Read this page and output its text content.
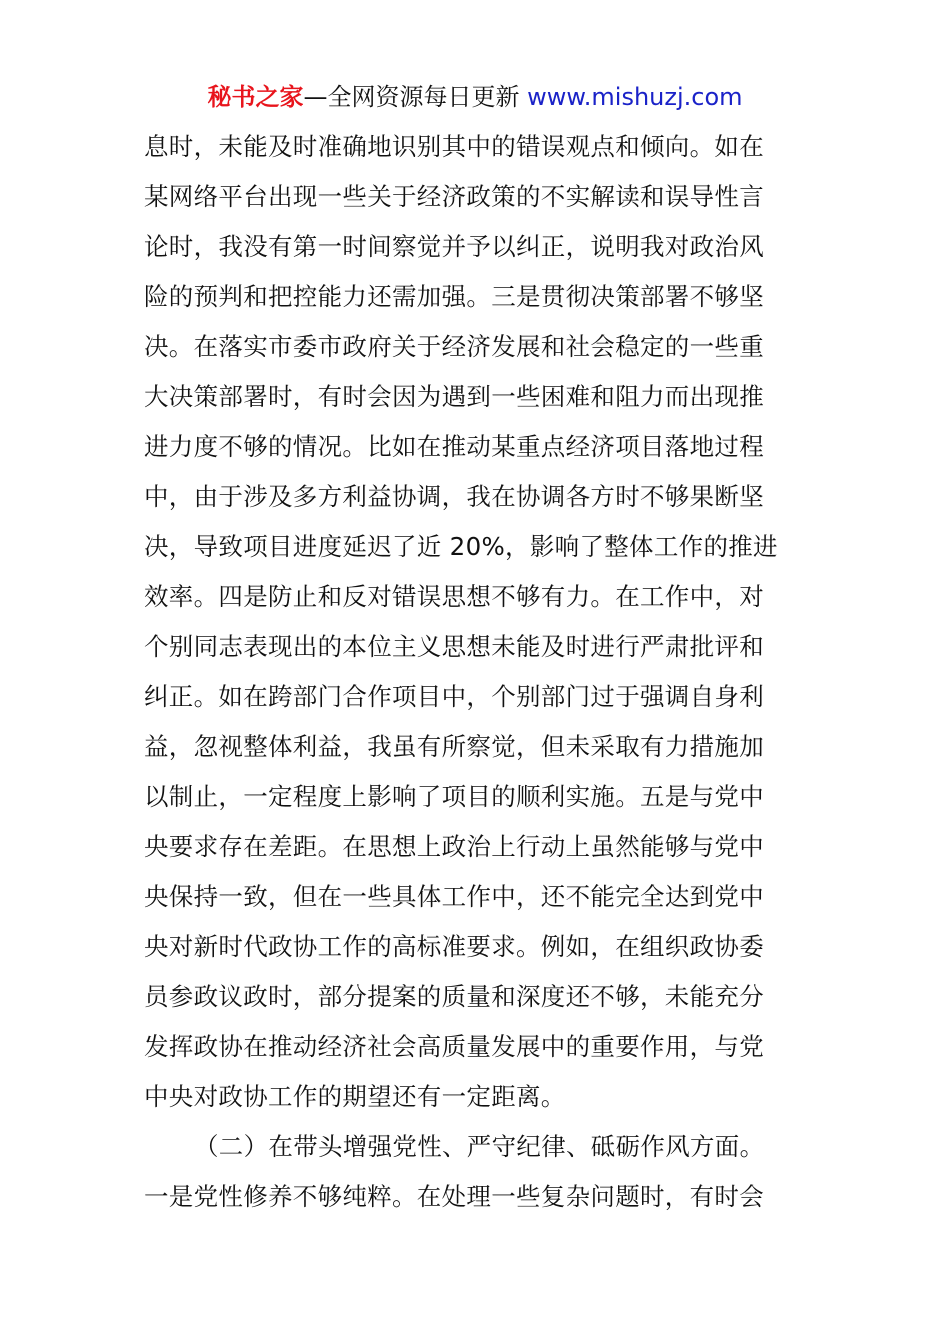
秘书之家—全网资源每日更新 www.mishuzj.com
息时，未能及时准确地识别其中的错误观点和倾向。如在
某网络平台出现一些关于经济政策的不实解读和误导性言
论时，我没有第一时间察觉并予以纠正，说明我对政治风
险的预判和把控能力还需加强。三是贯彻决策部署不够坚
决。在落实市委市政府关于经济发展和社会稳定的一些重
大决策部署时，有时会因为遇到一些困难和阻力而出现推
进力度不够的情况。比如在推动某重点经济项目落地过程
中，由于涉及多方利益协调，我在协调各方时不够果断坚
决，导致项目进度延迟了近 20%，影响了整体工作的推进
效率。四是防止和反对错误思想不够有力。在工作中，对
个别同志表现出的本位主义思想未能及时进行严肃批评和
纠正。如在跨部门合作项目中，个别部门过于强调自身利
益，忽视整体利益，我虽有所察觉，但未采取有力措施加
以制止，一定程度上影响了项目的顺利实施。五是与党中
央要求存在差距。在思想上政治上行动上虽然能够与党中
央保持一致，但在一些具体工作中，还不能完全达到党中
央对新时代政协工作的高标准要求。例如，在组织政协委
员参政议政时，部分提案的质量和深度还不够，未能充分
发挥政协在推动经济社会高质量发展中的重要作用，与党
中央对政协工作的期望还有一定距离。
（二）在带头增强党性、严守纪律、砥砺作风方面。
一是党性修养不够纯粹。在处理一些复杂问题时，有时会
